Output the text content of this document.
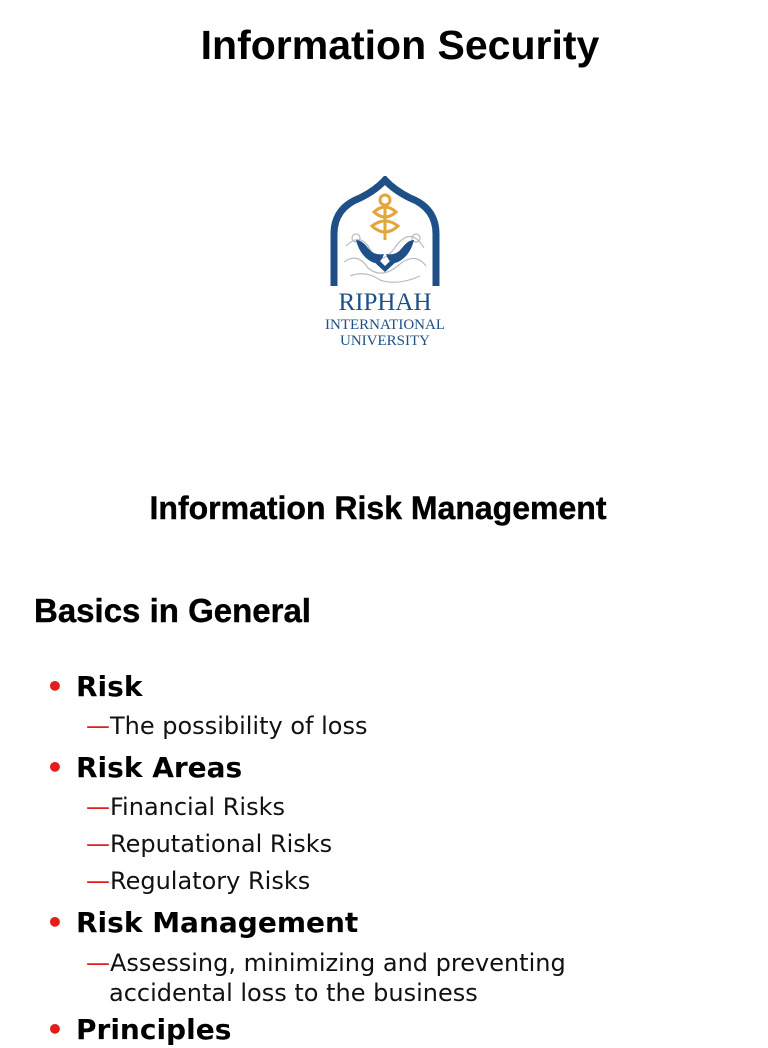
Information Security
RIPHAH
INTERNATIONAL
UNIVERSITY
Information Risk Management
Basics in General
• Risk
—The possibility of loss
• Risk Areas
—Financial Risks
—Reputational Risks
—Regulatory Risks
• Risk Management
—Assessing, minimizing and preventing
accidental loss to the business
• Principles
